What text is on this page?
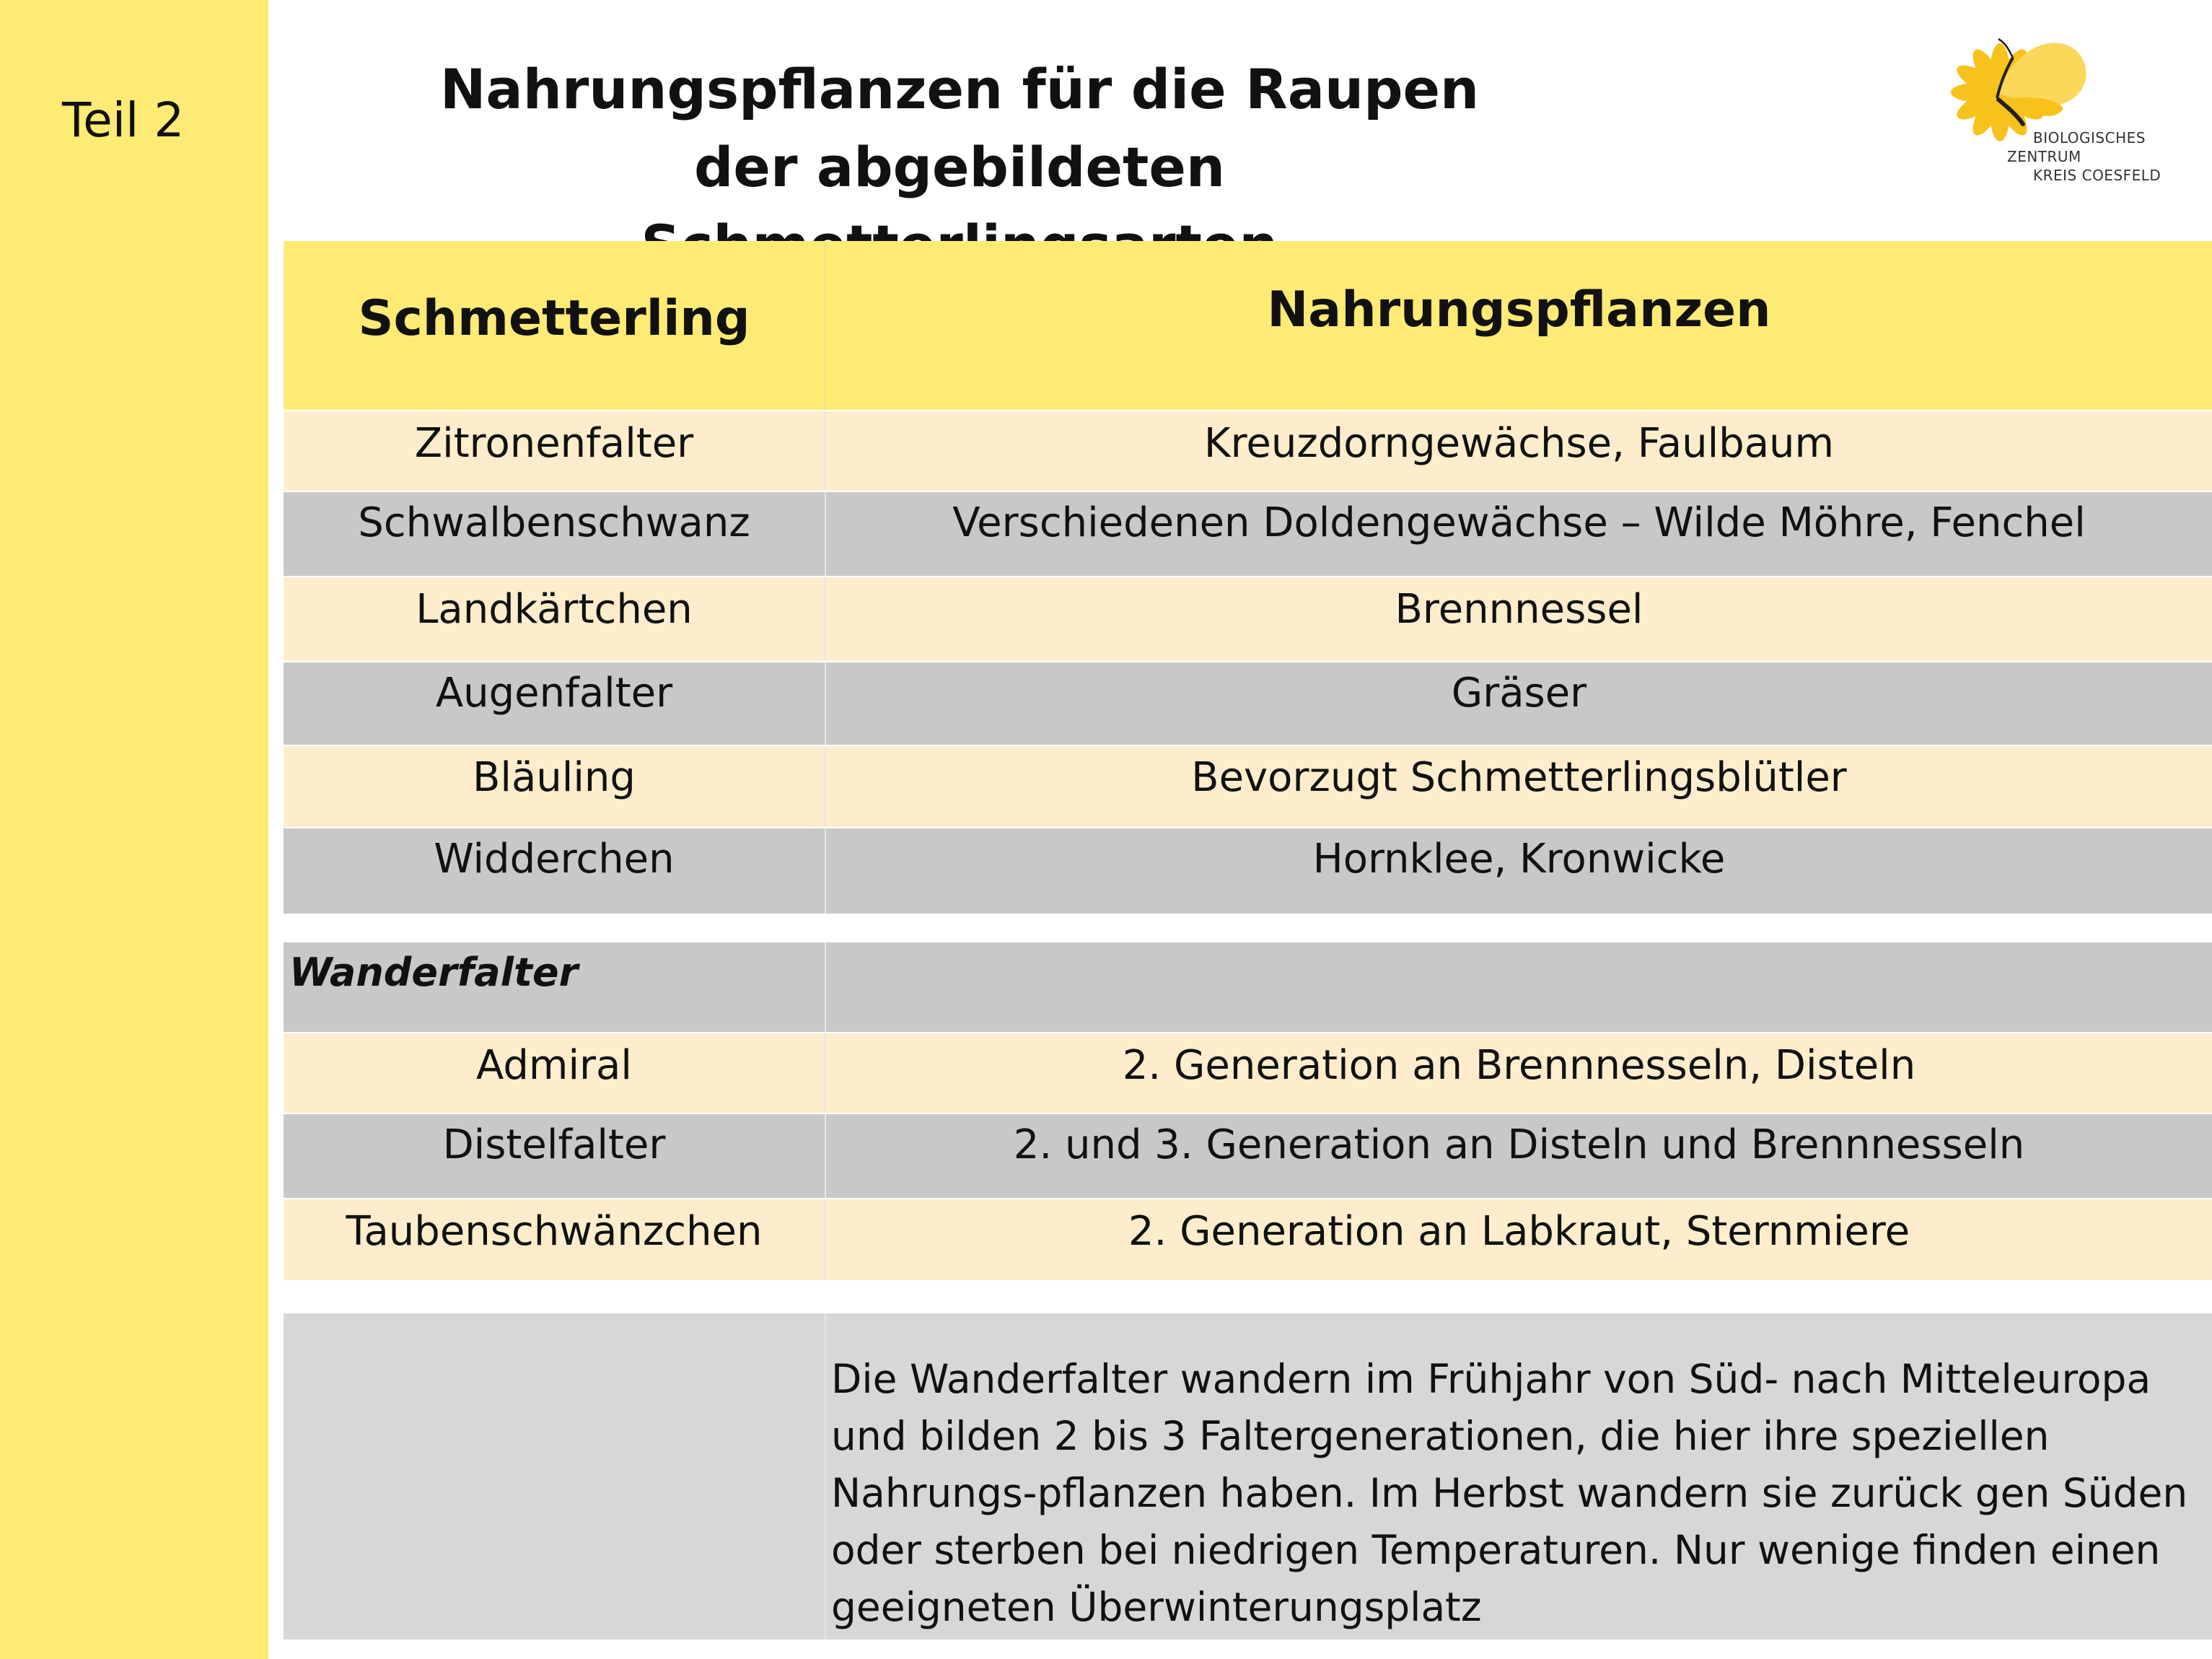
Teil 2	Nahrungspflanzen für die Raupen
der abgebildeten	BIOLOGISCHES
ZENTRUM
KREIS COESFELD
Schmetterling	Nahrungspflanzen
Zitronenfalter	Kreuzdorngewächse, Faulbaum
Schwalbenschwanz	Verschiedenen Doldengewächse – Wilde Möhre, Fenchel
Landkärtchen	Brennnessel
Augenfalter	Gräser
Bläuling	Bevorzugt Schmetterlingsblütler
Widderchen	Hornklee, Kronwicke
Wanderfalter
Admiral	2. Generation an Brennnesseln, Disteln
Distelfalter	2. und 3. Generation an Disteln und Brennnesseln
Taubenschwänzchen	2. Generation an Labkraut, Sternmiere
Die Wanderfalter wandern im Frühjahr von Süd- nach Mitteleuropa
und bilden 2 bis 3 Faltergenerationen, die hier ihre speziellen
Nahrungs-pflanzen haben. Im Herbst wandern sie zurück gen Süden
oder sterben bei niedrigen Temperaturen. Nur wenige finden einen
geeigneten Überwinterungsplatz
